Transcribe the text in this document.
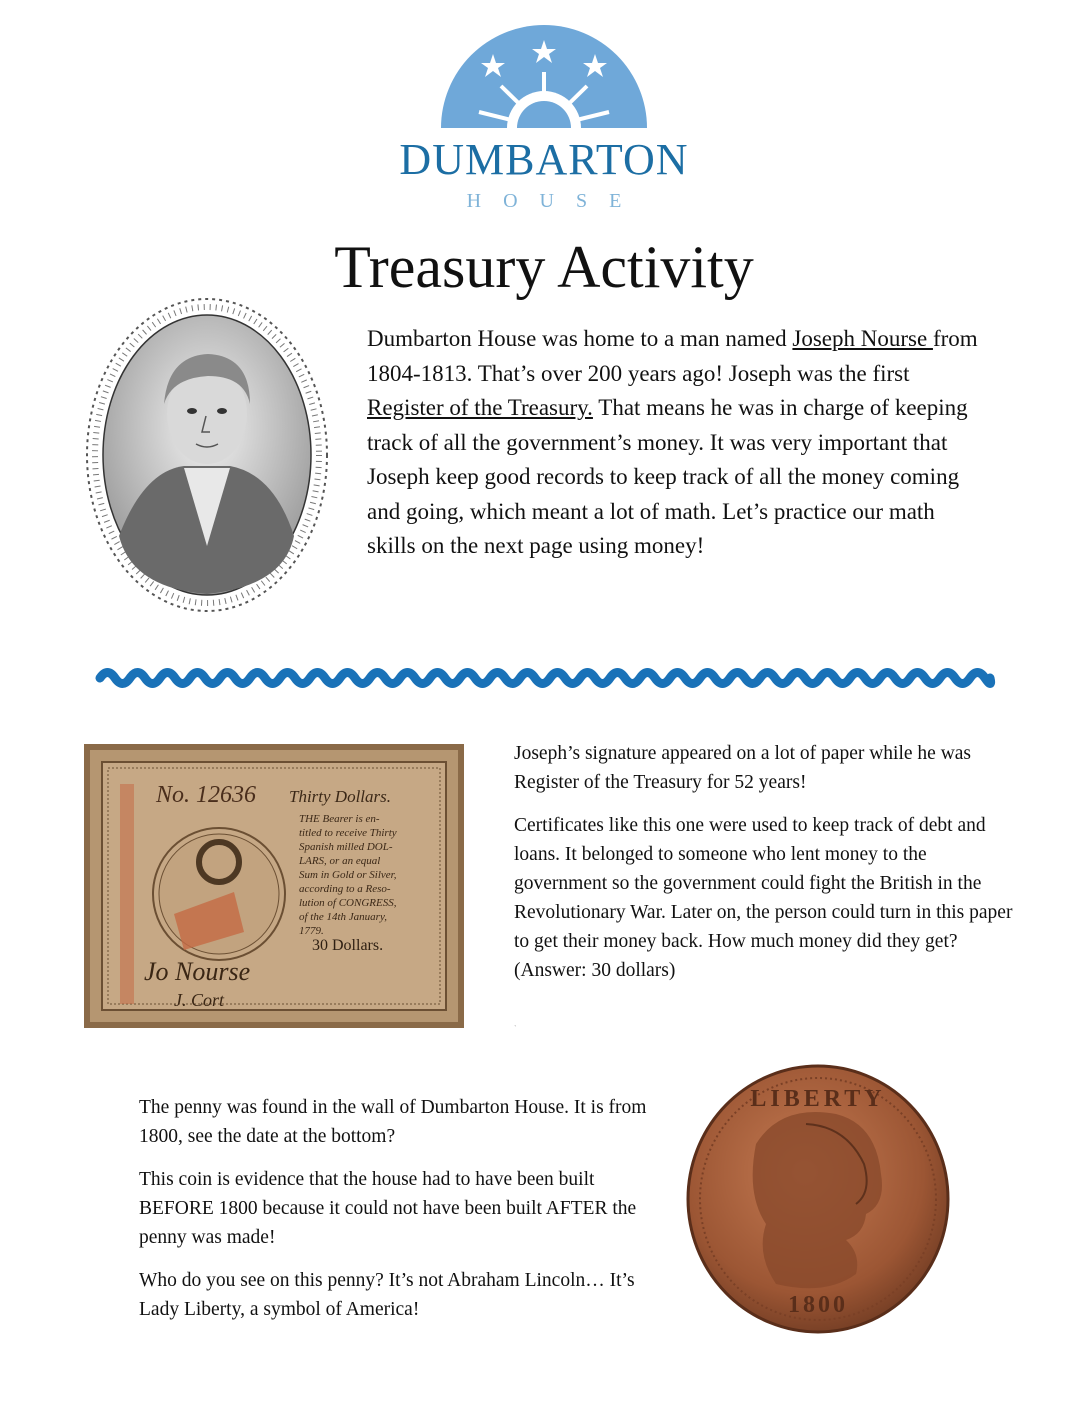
DUMBARTON
HOUSE
Treasury Activity
Dumbarton House was home to a man named Joseph Nourse from 1804-1813. That’s over 200 years ago! Joseph was the first Register of the Treasury. That means he was in charge of keeping track of all the government’s money. It was very important that Joseph keep good records to keep track of all the money coming and going, which meant a lot of math. Let’s practice our math skills on the next page using money!
No. 12636 Thirty Dollars.
THE Bearer is en-
titled to receive Thirty
Spanish milled DOL-
LARS, or an equal
Sum in Gold or Silver,
according to a Reso-
lution of CONGRESS,
of the 14th January,
1779.
30 Dollars.
Jo Nourse
J. Cort

Joseph’s signature appeared on a lot of paper while he was Register of the Treasury for 52 years!

Certificates like this one were used to keep track of debt and loans. It belonged to someone who lent money to the government so the government could fight the British in the Revolutionary War. Later on, the person could turn in this paper to get their money back. How much money did they get? (Answer: 30 dollars)

`

The penny was found in the wall of Dumbarton House. It is from 1800, see the date at the bottom?

This coin is evidence that the house had to have been built BEFORE 1800 because it could not have been built AFTER the penny was made!

Who do you see on this penny? It’s not Abraham Lincoln… It’s Lady Liberty, a symbol of America!

LIBERTY
1800
